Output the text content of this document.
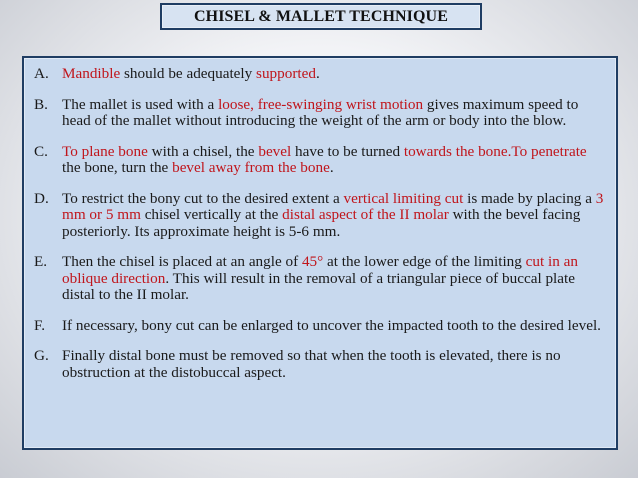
CHISEL & MALLET TECHNIQUE
A. Mandible should be adequately supported.
B. The mallet is used with a loose, free-swinging wrist motion gives maximum speed to head of the mallet without introducing the weight of the arm or body into the blow.
C. To plane bone with a chisel, the bevel have to be turned towards the bone.To penetrate the bone, turn the bevel away from the bone.
D. To restrict the bony cut to the desired extent a vertical limiting cut is made by placing a 3 mm or 5 mm chisel vertically at the distal aspect of the II molar with the bevel facing posteriorly. Its approximate height is 5-6 mm.
E. Then the chisel is placed at an angle of 45° at the lower edge of the limiting cut in an oblique direction. This will result in the removal of a triangular piece of buccal plate distal to the II molar.
F.	If necessary, bony cut can be enlarged to uncover the impacted tooth to the desired level.
G. Finally distal bone must be removed so that when the tooth is elevated, there is no obstruction at the distobuccal aspect.
